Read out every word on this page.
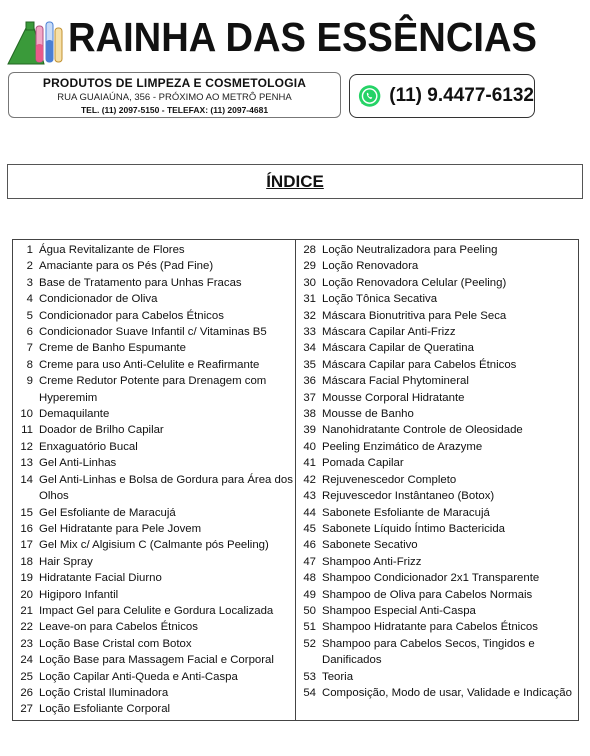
RAINHA DAS ESSÊNCIAS
PRODUTOS DE LIMPEZA E COSMETOLOGIA
RUA GUAIAÚNA, 356 - PRÓXIMO AO METRÔ PENHA
TEL. (11) 2097-5150 - TELEFAX: (11) 2097-4681
(11) 9.4477-6132
ÍNDICE
1 Água Revitalizante de Flores
2 Amaciante para os Pés (Pad Fine)
3 Base de Tratamento para Unhas Fracas
4 Condicionador de Oliva
5 Condicionador para Cabelos Étnicos
6 Condicionador Suave Infantil c/ Vitaminas B5
7 Creme de Banho Espumante
8 Creme para uso Anti-Celulite e Reafirmante
9 Creme Redutor Potente para Drenagem com Hyperemim
10 Demaquilante
11 Doador de Brilho Capilar
12 Enxaguatório Bucal
13 Gel Anti-Linhas
14 Gel Anti-Linhas e Bolsa de Gordura para Área dos Olhos
15 Gel Esfoliante de Maracujá
16 Gel Hidratante para Pele Jovem
17 Gel Mix c/ Algisium C (Calmante pós Peeling)
18 Hair Spray
19 Hidratante Facial Diurno
20 Higiporo Infantil
21 Impact Gel para Celulite e Gordura Localizada
22 Leave-on para Cabelos Étnicos
23 Loção Base Cristal com Botox
24 Loção Base para Massagem Facial e Corporal
25 Loção Capilar Anti-Queda e Anti-Caspa
26 Loção Cristal Iluminadora
27 Loção Esfoliante Corporal

28 Loção Neutralizadora para Peeling
29 Loção Renovadora
30 Loção Renovadora Celular (Peeling)
31 Loção Tônica Secativa
32 Máscara Bionutritiva para Pele Seca
33 Máscara Capilar Anti-Frizz
34 Máscara Capilar de Queratina
35 Máscara Capilar para Cabelos Étnicos
36 Máscara Facial Phytomineral
37 Mousse Corporal Hidratante
38 Mousse de Banho
39 Nanohidratante Controle de Oleosidade
40 Peeling Enzimático de Arazyme
41 Pomada Capilar
42 Rejuvenescedor Completo
43 Rejuvescedor Instântaneo (Botox)
44 Sabonete Esfoliante de Maracujá
45 Sabonete Líquido Íntimo Bactericida
46 Sabonete Secativo
47 Shampoo Anti-Frizz
48 Shampoo Condicionador 2x1 Transparente
49 Shampoo de Oliva para Cabelos Normais
50 Shampoo Especial Anti-Caspa
51 Shampoo Hidratante para Cabelos Étnicos
52 Shampoo para Cabelos Secos, Tingidos e Danificados
53 Teoria
54 Composição, Modo de usar, Validade e Indicação
